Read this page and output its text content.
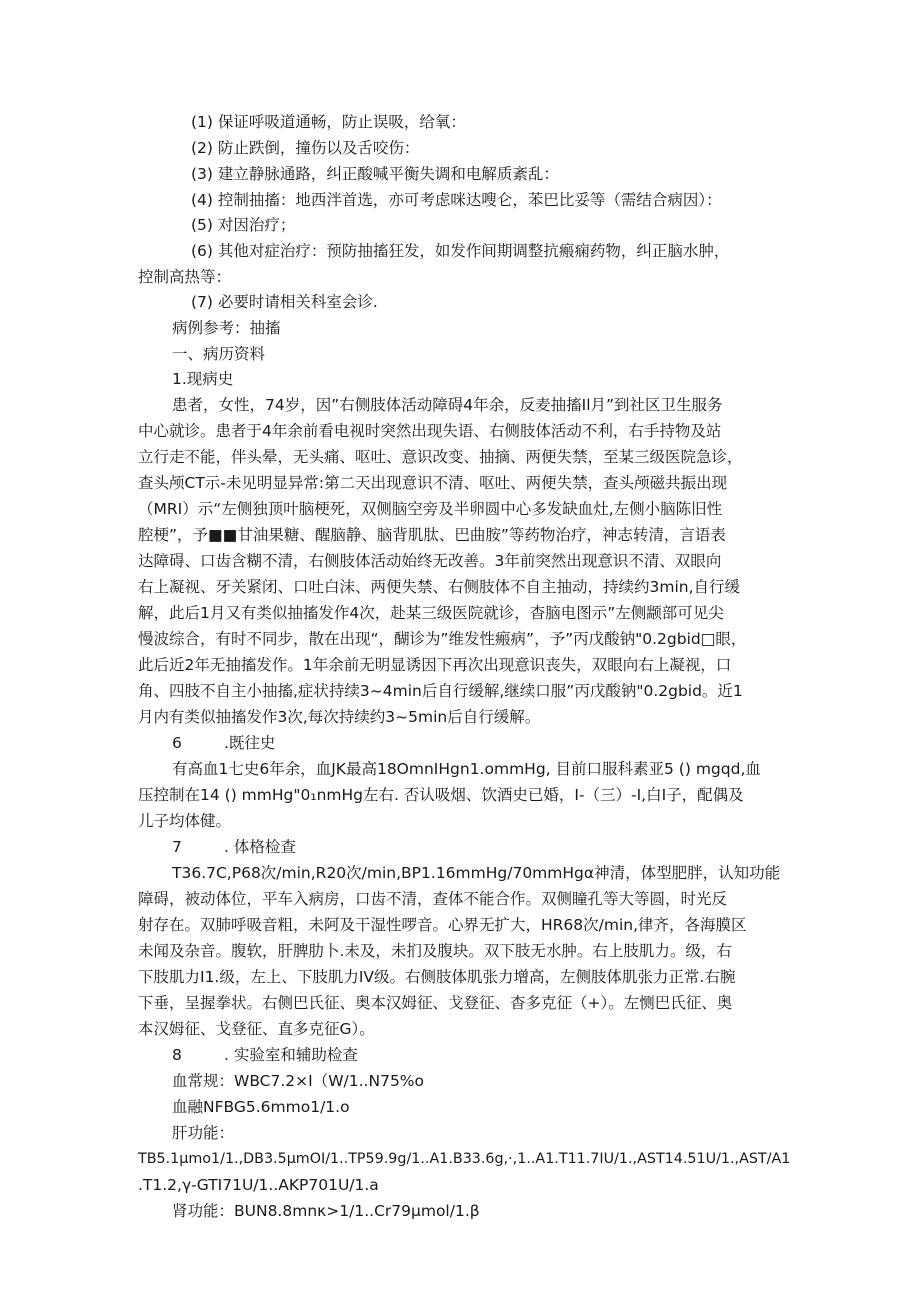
(1) 保证呼吸道通畅，防止误吸，给氧：
(2) 防止跌倒，撞伤以及舌咬伤：
(3) 建立静脉通路，纠正酸喊平衡失调和电解质紊乱：
(4) 控制抽搐：地西泮首选，亦可考虑咪达嗖仑，苯巴比妥等（需结合病因）：
(5) 对因治疗；
(6) 其他对症治疗：预防抽搐狂发，如发作间期调整抗瘢痫药物，纠正脑水肿，
控制高热等：
(7) 必要时请相关科室会诊.
病例参考：抽搐
一、病历资料
1.现病史
患者，女性，74岁，因”右侧肢体活动障碍4年余，反麦抽搐Il月”到社区卫生服务
中心就诊。患者于4年余前看电视时突然出现失语、右侧肢体活动不利，右手持物及站
立行走不能，伴头晕，无头痛、呕吐、意识改变、抽摘、两便失禁，至某三级医院急诊，
查头颅CT示-未见明显异常:第二天出现意识不清、呕吐、两便失禁，查头颅磁共振出现
（MRI）示“左侧独顶叶脑梗死，双侧脑空旁及半卵圆中心多发缺血灶,左侧小脑陈旧性
腔梗”，予■■甘油果糖、醒脑静、脑背肌肽、巴曲胺”等药物治疗，神志转清，言语表
达障碍、口齿含糊不清，右侧肢体活动始终无改善。3年前突然出现意识不清、双眼向
右上凝视、牙关紧闭、口吐白沫、两便失禁、右侧肢体不自主抽动，持续约3min,自行缓
解，此后1月又有类似抽搐发作4次，赴某三级医院就诊，杳脑电图示”左侧颛部可见尖
慢波综合，有时不同步，散在出现“，醐诊为”维发性瘢病”，予”丙戊酸钠"0.2gbid□眼，
此后近2年无抽搐发作。1年余前无明显诱因下再次出现意识丧失，双眼向右上凝视，口
角、四肢不自主小抽搐,症状持续3~4min后自行缓解,继续口服”丙戊酸钠"0.2gbid。近1
月内有类似抽搐发作3次,每次持续约3~5min后自行缓解。
6	.既往史
有高血1七史6年余，血JK最高18OmnIHgn1.ommHg, 目前口服科素亚5 () mgqd,血
压控制在14 () mmHg"0₁nmHg左右. 否认吸烟、饮酒史已婚，I-（三）-I,白I子，配偶及
儿子均体健。
7	. 体格检查
T36.7C,P68次/min,R20次/min,BP1.16mmHg/70mmHgα神清，体型肥胖，认知功能
障碍，被动体位，平车入病房，口齿不清，查体不能合作。双侧瞳孔等大等圆，时光反
射存在。双肺呼吸音粗，未阿及干湿性啰音。心界无扩大，HR68次/min,律齐，各海膜区
未闻及杂音。腹软，肝脾肋卜.未及，未扪及腹块。双下肢无水肿。右上肢肌力。级，右
下肢肌力I1.级，左上、下肢肌力IV级。右侧肢体肌张力增高，左侧肢体肌张力正常.右腕
下垂，呈握拳状。右侧巴氏征、奥本汉姆征、戈登征、杳多克征（+）。左恻巴氏征、奥
本汉姆征、戈登征、直多克征G）。
8	. 实验室和辅助检查
血常规：WBC7.2×I（W/1..N75%o
血融NFBG5.6mmo1/1.o
肝功能：
TB5.1μmo1/1.,DB3.5μmOI/1..TP59.9g/1..A1.B33.6g,·,1..A1.T11.7IU/1.,AST14.51U/1.,AST/A1
.T1.2,γ-GTI71U/1..AKP701U/1.a
肾功能：BUN8.8mnκ>1/1..Cr79μmol/1.β
